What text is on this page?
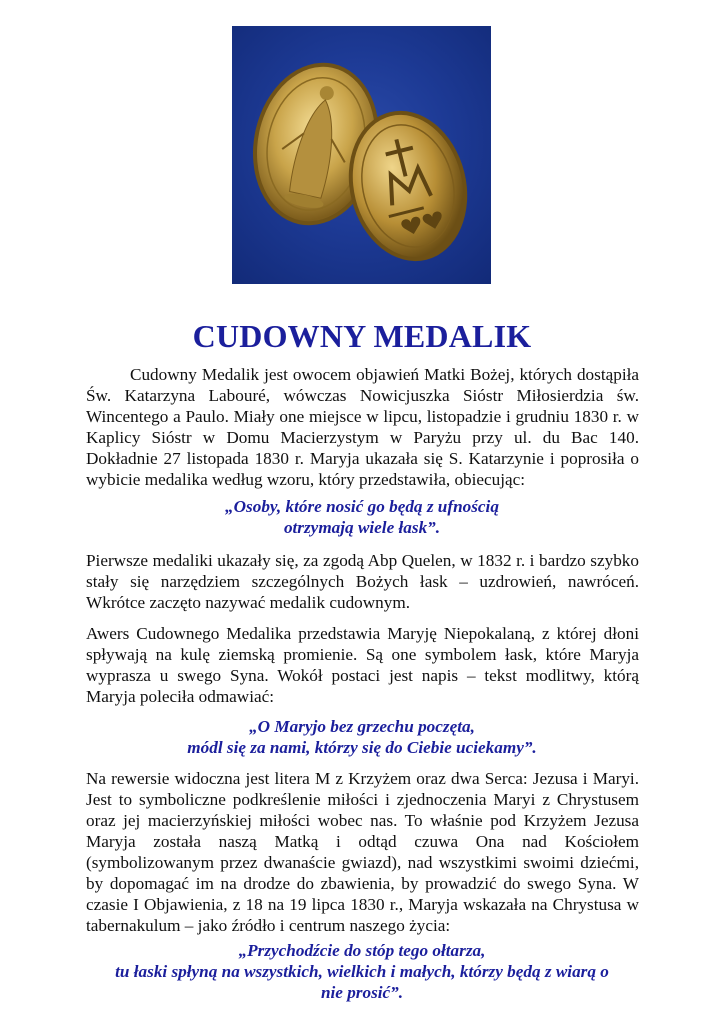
CUDOWNY MEDALIK

Cudowny Medalik jest owocem objawień Matki Bożej, których dostąpiła Św. Katarzyna Labouré, wówczas Nowicjuszka Sióstr Miłosierdzia św. Wincentego a Paulo. Miały one miejsce w lipcu, listopadzie i grudniu 1830 r. w Kaplicy Sióstr w Domu Macierzystym w Paryżu przy ul. du Bac 140. Dokładnie 27 listopada 1830 r. Maryja ukazała się S. Katarzynie i poprosiła o wybicie medalika według wzoru, który przedstawiła, obiecując:

„Osoby, które nosić go będą z ufnością
otrzymają wiele łask”.

Pierwsze medaliki ukazały się, za zgodą Abp Quelen, w 1832 r. i bardzo szybko stały się narzędziem szczególnych Bożych łask – uzdrowień, nawróceń. Wkrótce zaczęto nazywać medalik cudownym.

Awers Cudownego Medalika przedstawia Maryję Niepokalaną, z której dłoni spływają na kulę ziemską promienie. Są one symbolem łask, które Maryja wyprasza u swego Syna. Wokół postaci jest napis – tekst modlitwy, którą Maryja poleciła odmawiać:

„O Maryjo bez grzechu poczęta,
módl się za nami, którzy się do Ciebie uciekamy”.

Na rewersie widoczna jest litera M z Krzyżem oraz dwa Serca: Jezusa i Maryi. Jest to symboliczne podkreślenie miłości i zjednoczenia Maryi z Chrystusem oraz jej macierzyńskiej miłości wobec nas. To właśnie pod Krzyżem Jezusa Maryja została naszą Matką i odtąd czuwa Ona nad Kościołem (symbolizowanym przez dwanaście gwiazd), nad wszystkimi swoimi dziećmi, by dopomagać im na drodze do zbawienia, by prowadzić do swego Syna. W czasie I Objawienia, z 18 na 19 lipca 1830 r., Maryja wskazała na Chrystusa w tabernakulum – jako źródło i centrum naszego życia:

„Przychodźcie do stóp tego ołtarza,
tu łaski spłyną na wszystkich, wielkich i małych, którzy będą z wiarą o
nie prosić”.
